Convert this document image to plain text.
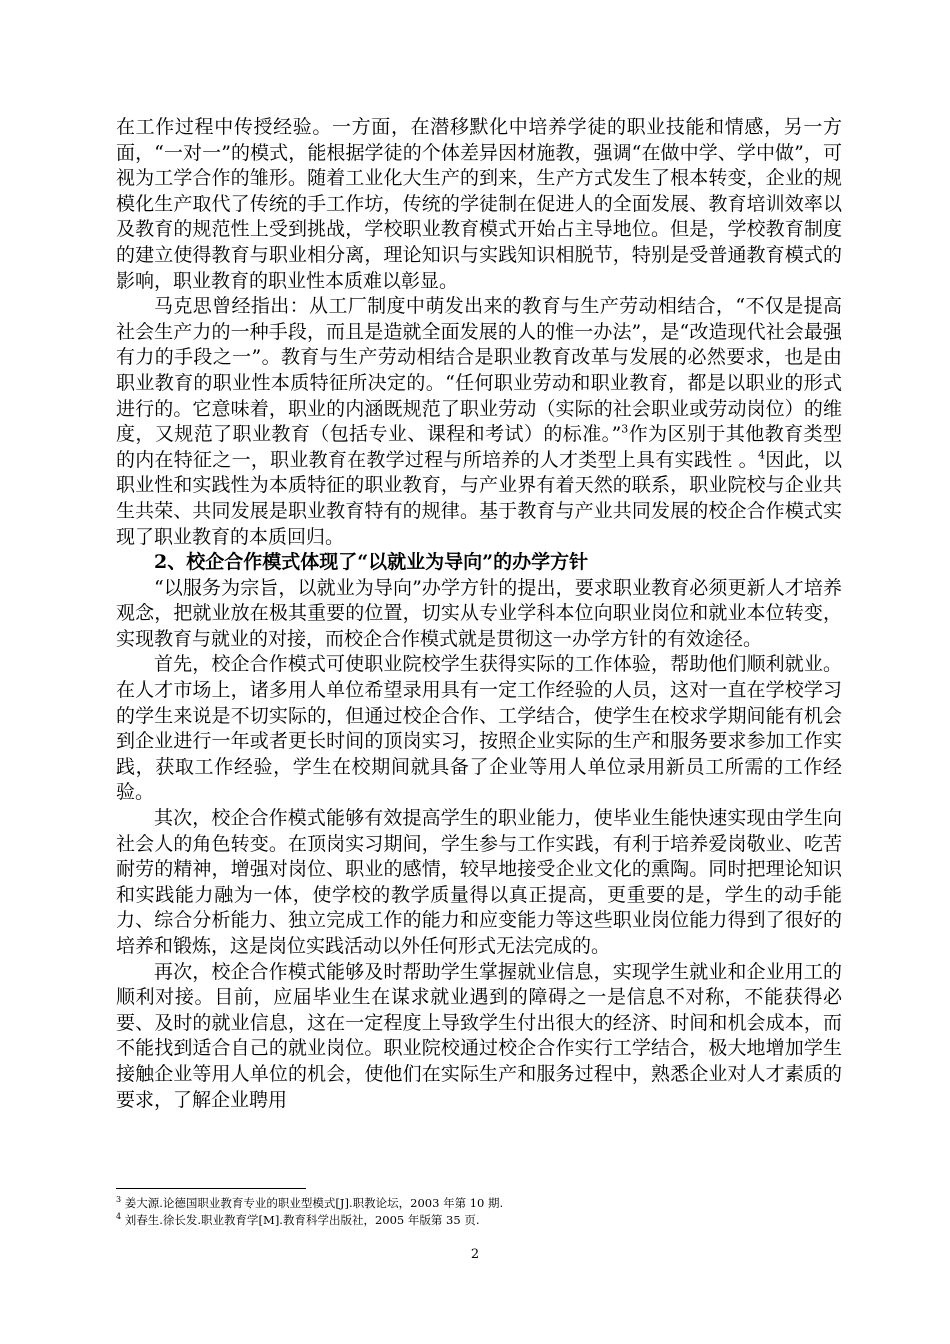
在工作过程中传授经验。一方面，在潜移默化中培养学徒的职业技能和情感，另一方面，“一对一”的模式，能根据学徒的个体差异因材施教，强调“在做中学、学中做”，可视为工学合作的雏形。随着工业化大生产的到来，生产方式发生了根本转变，企业的规模化生产取代了传统的手工作坊，传统的学徒制在促进人的全面发展、教育培训效率以及教育的规范性上受到挑战，学校职业教育模式开始占主导地位。但是，学校教育制度的建立使得教育与职业相分离，理论知识与实践知识相脱节，特别是受普通教育模式的影响，职业教育的职业性本质难以彰显。

马克思曾经指出：从工厂制度中萌发出来的教育与生产劳动相结合，“不仅是提高社会生产力的一种手段，而且是造就全面发展的人的惟一办法”，是“改造现代社会最强有力的手段之一”。教育与生产劳动相结合是职业教育改革与发展的必然要求，也是由职业教育的职业性本质特征所决定的。“任何职业劳动和职业教育，都是以职业的形式进行的。它意味着，职业的内涵既规范了职业劳动（实际的社会职业或劳动岗位）的维度，又规范了职业教育（包括专业、课程和考试）的标准。”$^3$作为区别于其他教育类型的内在特征之一，职业教育在教学过程与所培养的人才类型上具有实践性 。$^4$因此，以职业性和实践性为本质特征的职业教育，与产业界有着天然的联系，职业院校与企业共生共荣、共同发展是职业教育特有的规律。基于教育与产业共同发展的校企合作模式实现了职业教育的本质回归。

2、校企合作模式体现了“以就业为导向”的办学方针

“以服务为宗旨，以就业为导向”办学方针的提出，要求职业教育必须更新人才培养观念，把就业放在极其重要的位置，切实从专业学科本位向职业岗位和就业本位转变，实现教育与就业的对接，而校企合作模式就是贯彻这一办学方针的有效途径。

首先，校企合作模式可使职业院校学生获得实际的工作体验，帮助他们顺利就业。在人才市场上，诸多用人单位希望录用具有一定工作经验的人员，这对一直在学校学习的学生来说是不切实际的，但通过校企合作、工学结合，使学生在校求学期间能有机会到企业进行一年或者更长时间的顶岗实习，按照企业实际的生产和服务要求参加工作实践，获取工作经验，学生在校期间就具备了企业等用人单位录用新员工所需的工作经验。

其次，校企合作模式能够有效提高学生的职业能力，使毕业生能快速实现由学生向社会人的角色转变。在顶岗实习期间，学生参与工作实践，有利于培养爱岗敬业、吃苦耐劳的精神，增强对岗位、职业的感情，较早地接受企业文化的熏陶。同时把理论知识和实践能力融为一体，使学校的教学质量得以真正提高，更重要的是，学生的动手能力、综合分析能力、独立完成工作的能力和应变能力等这些职业岗位能力得到了很好的培养和锻炼，这是岗位实践活动以外任何形式无法完成的。

再次，校企合作模式能够及时帮助学生掌握就业信息，实现学生就业和企业用工的顺利对接。目前，应届毕业生在谋求就业遇到的障碍之一是信息不对称，不能获得必要、及时的就业信息，这在一定程度上导致学生付出很大的经济、时间和机会成本，而不能找到适合自己的就业岗位。职业院校通过校企合作实行工学结合，极大地增加学生接触企业等用人单位的机会，使他们在实际生产和服务过程中，熟悉企业对人才素质的要求，了解企业聘用

$^3$ 姜大源.论德国职业教育专业的职业型模式[J].职教论坛，2003 年第 10 期.

$^4$ 刘春生.徐长发.职业教育学[M].教育科学出版社，2005 年版第 35 页.

2
